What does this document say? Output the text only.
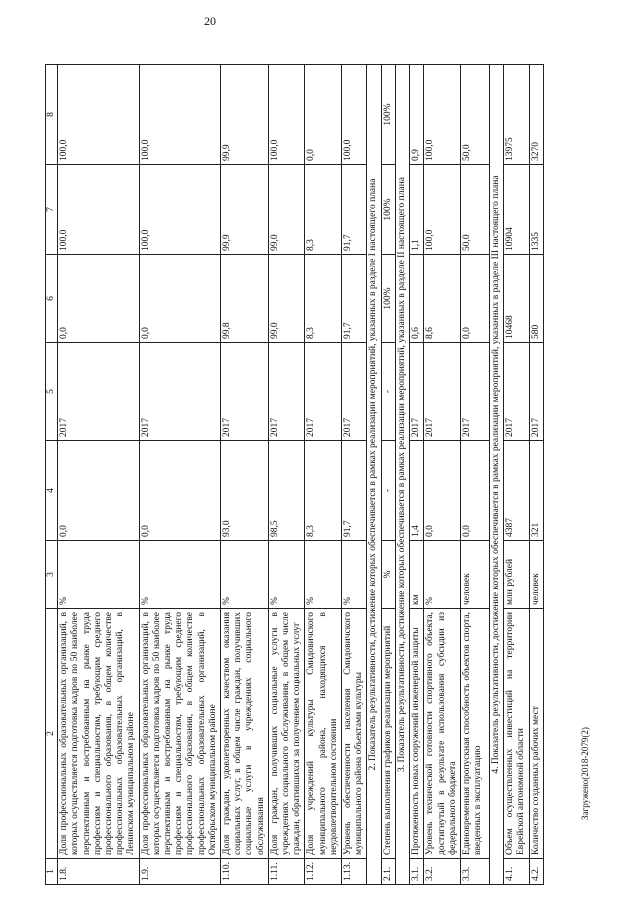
20
1	2	3	4	5	6	7	8
1.8.	Доля профессиональных образовательных организаций, в которых осуществляется подготовка кадров по 50 наиболее перспективным и востребованным на рынке труда профессиям и специальностям, требующим среднего профессионального образования, в общем количестве профессиональных образовательных организаций, в Ленинском муниципальном районе	%	0,0	2017	0,0	100,0	100,0
1.9.	Доля профессиональных образовательных организаций, в которых осуществляется подготовка кадров по 50 наиболее перспективным и востребованным на рынке труда профессиям и специальностям, требующим среднего профессионального образования, в общем количестве профессиональных образовательных организаций, в Октябрьском муниципальном районе	%	0,0	2017	0,0	100,0	100,0
1.10.	Доля граждан, удовлетворенных качеством оказания социальных услуг, в общем числе граждан, получивших социальные услуги в учреждениях социального обслуживания	%	93,0	2017	99,8	99,9	99,9
1.11.	Доля граждан, получивших социальные услуги в учреждениях социального обслуживания, в общем числе граждан, обратившихся за получением социальных услуг	%	98,5	2017	99,0	99,0	100,0
1.12.	Доля учреждений культуры Смидовичского муниципального района, находящихся в неудовлетворительном состоянии	%	8,3	2017	8,3	8,3	0,0
1.13.	Уровень обеспеченности населения Смидовичского муниципального района объектами культуры	%	91,7	2017	91,7	91,7	100,0
2. Показатель результативности, достижение которых обеспечивается в рамках реализации мероприятий, указанных в разделе I настоящего плана							
2.1.	Степень выполнения графиков реализации мероприятий	%	-	-	100%	100%	100%
3. Показатель результативности, достижение которых обеспечивается в рамках реализации мероприятий, указанных в разделе II настоящего плана							
3.1.	Протяженность новых сооружений инженерной защиты	км	1,4	2017	0,6	1,1	0,9
3.2.	Уровень технической готовности спортивного объекта, достигнутый в результате использования субсидии из федерального бюджета	%	0,0	2017	8,6	100,0	100,0
3.3.	Единовременная пропускная способность объектов спорта, введенных в эксплуатацию	человек	0,0	2017	0,0	50,0	50,0
4. Показатель результативности, достижение которых обеспечивается в рамках реализации мероприятий, указанных в разделе III настоящего плана							
4.1.	Объем осуществленных инвестиций на территории Еврейской автономной области	млн рублей	4387	2017	10468	10904	13975
4.2.	Количество созданных рабочих мест	человек	321	2017	580	1335	3270
Загружено(2018-2079(2)
